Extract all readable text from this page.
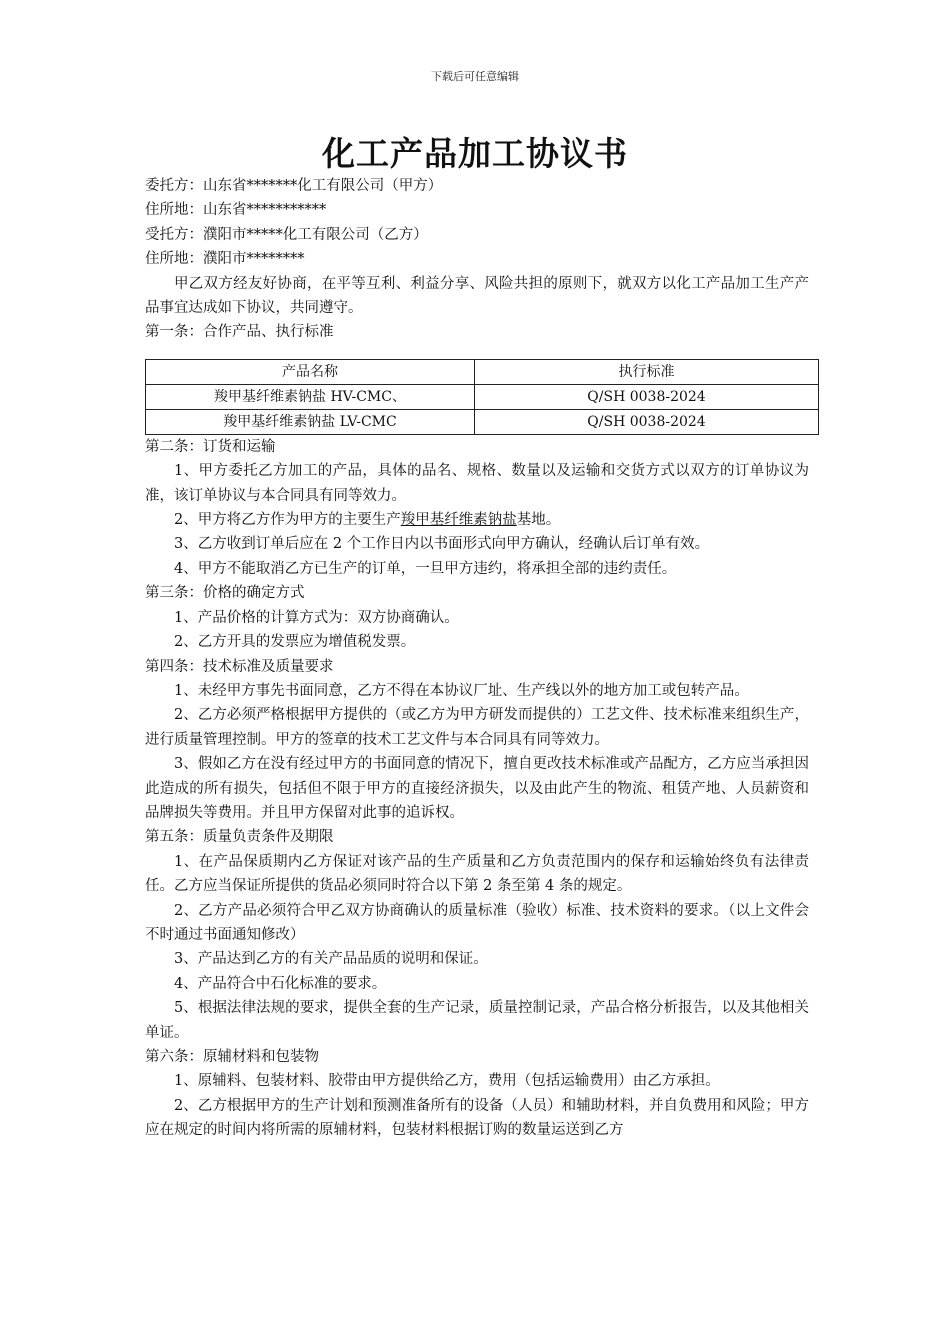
下载后可任意编辑
化工产品加工协议书

委托方：山东省*******化工有限公司（甲方）

住所地：山东省***********

受托方：濮阳市*****化工有限公司（乙方）

住所地：濮阳市********

甲乙双方经友好协商，在平等互利、利益分享、风险共担的原则下，就双方以化工产品加工生产产品事宜达成如下协议，共同遵守。

第一条：合作产品、执行标准

产品名称	执行标准
羧甲基纤维素钠盐 HV-CMC、	Q/SH 0038-2024
羧甲基纤维素钠盐 LV-CMC	Q/SH 0038-2024

第二条：订货和运输

1、甲方委托乙方加工的产品，具体的品名、规格、数量以及运输和交货方式以双方的订单协议为准，该订单协议与本合同具有同等效力。

2、甲方将乙方作为甲方的主要生产羧甲基纤维素钠盐基地。

3、乙方收到订单后应在 2 个工作日内以书面形式向甲方确认，经确认后订单有效。

4、甲方不能取消乙方已生产的订单，一旦甲方违约，将承担全部的违约责任。

第三条：价格的确定方式

1、产品价格的计算方式为：双方协商确认。

2、乙方开具的发票应为增值税发票。

第四条：技术标准及质量要求

1、未经甲方事先书面同意，乙方不得在本协议厂址、生产线以外的地方加工或包转产品。

2、乙方必须严格根据甲方提供的（或乙方为甲方研发而提供的）工艺文件、技术标准来组织生产，进行质量管理控制。甲方的签章的技术工艺文件与本合同具有同等效力。

3、假如乙方在没有经过甲方的书面同意的情况下，擅自更改技术标准或产品配方，乙方应当承担因此造成的所有损失，包括但不限于甲方的直接经济损失，以及由此产生的物流、租赁产地、人员薪资和品牌损失等费用。并且甲方保留对此事的追诉权。

第五条：质量负责条件及期限

1、在产品保质期内乙方保证对该产品的生产质量和乙方负责范围内的保存和运输始终负有法律责任。乙方应当保证所提供的货品必须同时符合以下第 2 条至第 4 条的规定。

2、乙方产品必须符合甲乙双方协商确认的质量标准（验收）标准、技术资料的要求。（以上文件会不时通过书面通知修改）

3、产品达到乙方的有关产品品质的说明和保证。

4、产品符合中石化标准的要求。

5、根据法律法规的要求，提供全套的生产记录，质量控制记录，产品合格分析报告，以及其他相关单证。

第六条：原辅材料和包装物

1、原辅料、包装材料、胶带由甲方提供给乙方，费用（包括运输费用）由乙方承担。

2、乙方根据甲方的生产计划和预测准备所有的设备（人员）和辅助材料，并自负费用和风险；甲方应在规定的时间内将所需的原辅材料，包装材料根据订购的数量运送到乙方
